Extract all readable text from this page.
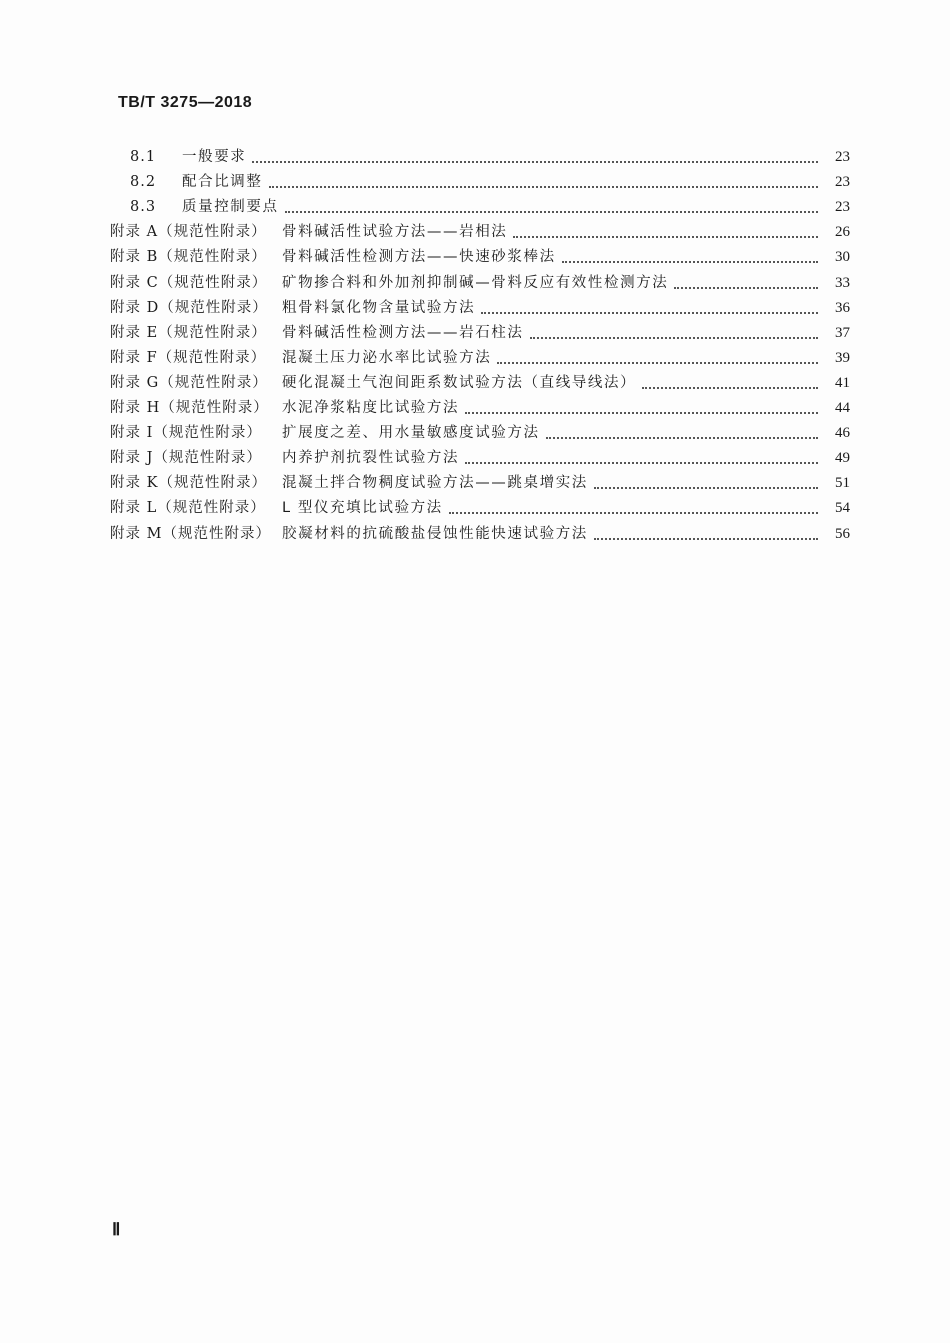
TB/T 3275—2018
8.1	一般要求	23
8.2	配合比调整	23
8.3	质量控制要点	23
附录 A（规范性附录）	骨料碱活性试验方法——岩相法	26
附录 B（规范性附录）	骨料碱活性检测方法——快速砂浆棒法	30
附录 C（规范性附录）	矿物掺合料和外加剂抑制碱—骨料反应有效性检测方法	33
附录 D（规范性附录） 粗骨料氯化物含量试验方法	36
附录 E（规范性附录）	骨料碱活性检测方法——岩石柱法	37
附录 F（规范性附录）	混凝土压力泌水率比试验方法	39
附录 G（规范性附录） 硬化混凝土气泡间距系数试验方法（直线导线法）	41
附录 H（规范性附录） 水泥净浆粘度比试验方法	44
附录 I（规范性附录）	扩展度之差、用水量敏感度试验方法	46
附录 J（规范性附录）	内养护剂抗裂性试验方法	49
附录 K（规范性附录）	混凝土拌合物稠度试验方法——跳桌增实法	51
附录 L（规范性附录）	L 型仪充填比试验方法	54
附录 M（规范性附录） 胶凝材料的抗硫酸盐侵蚀性能快速试验方法	56
Ⅱ
